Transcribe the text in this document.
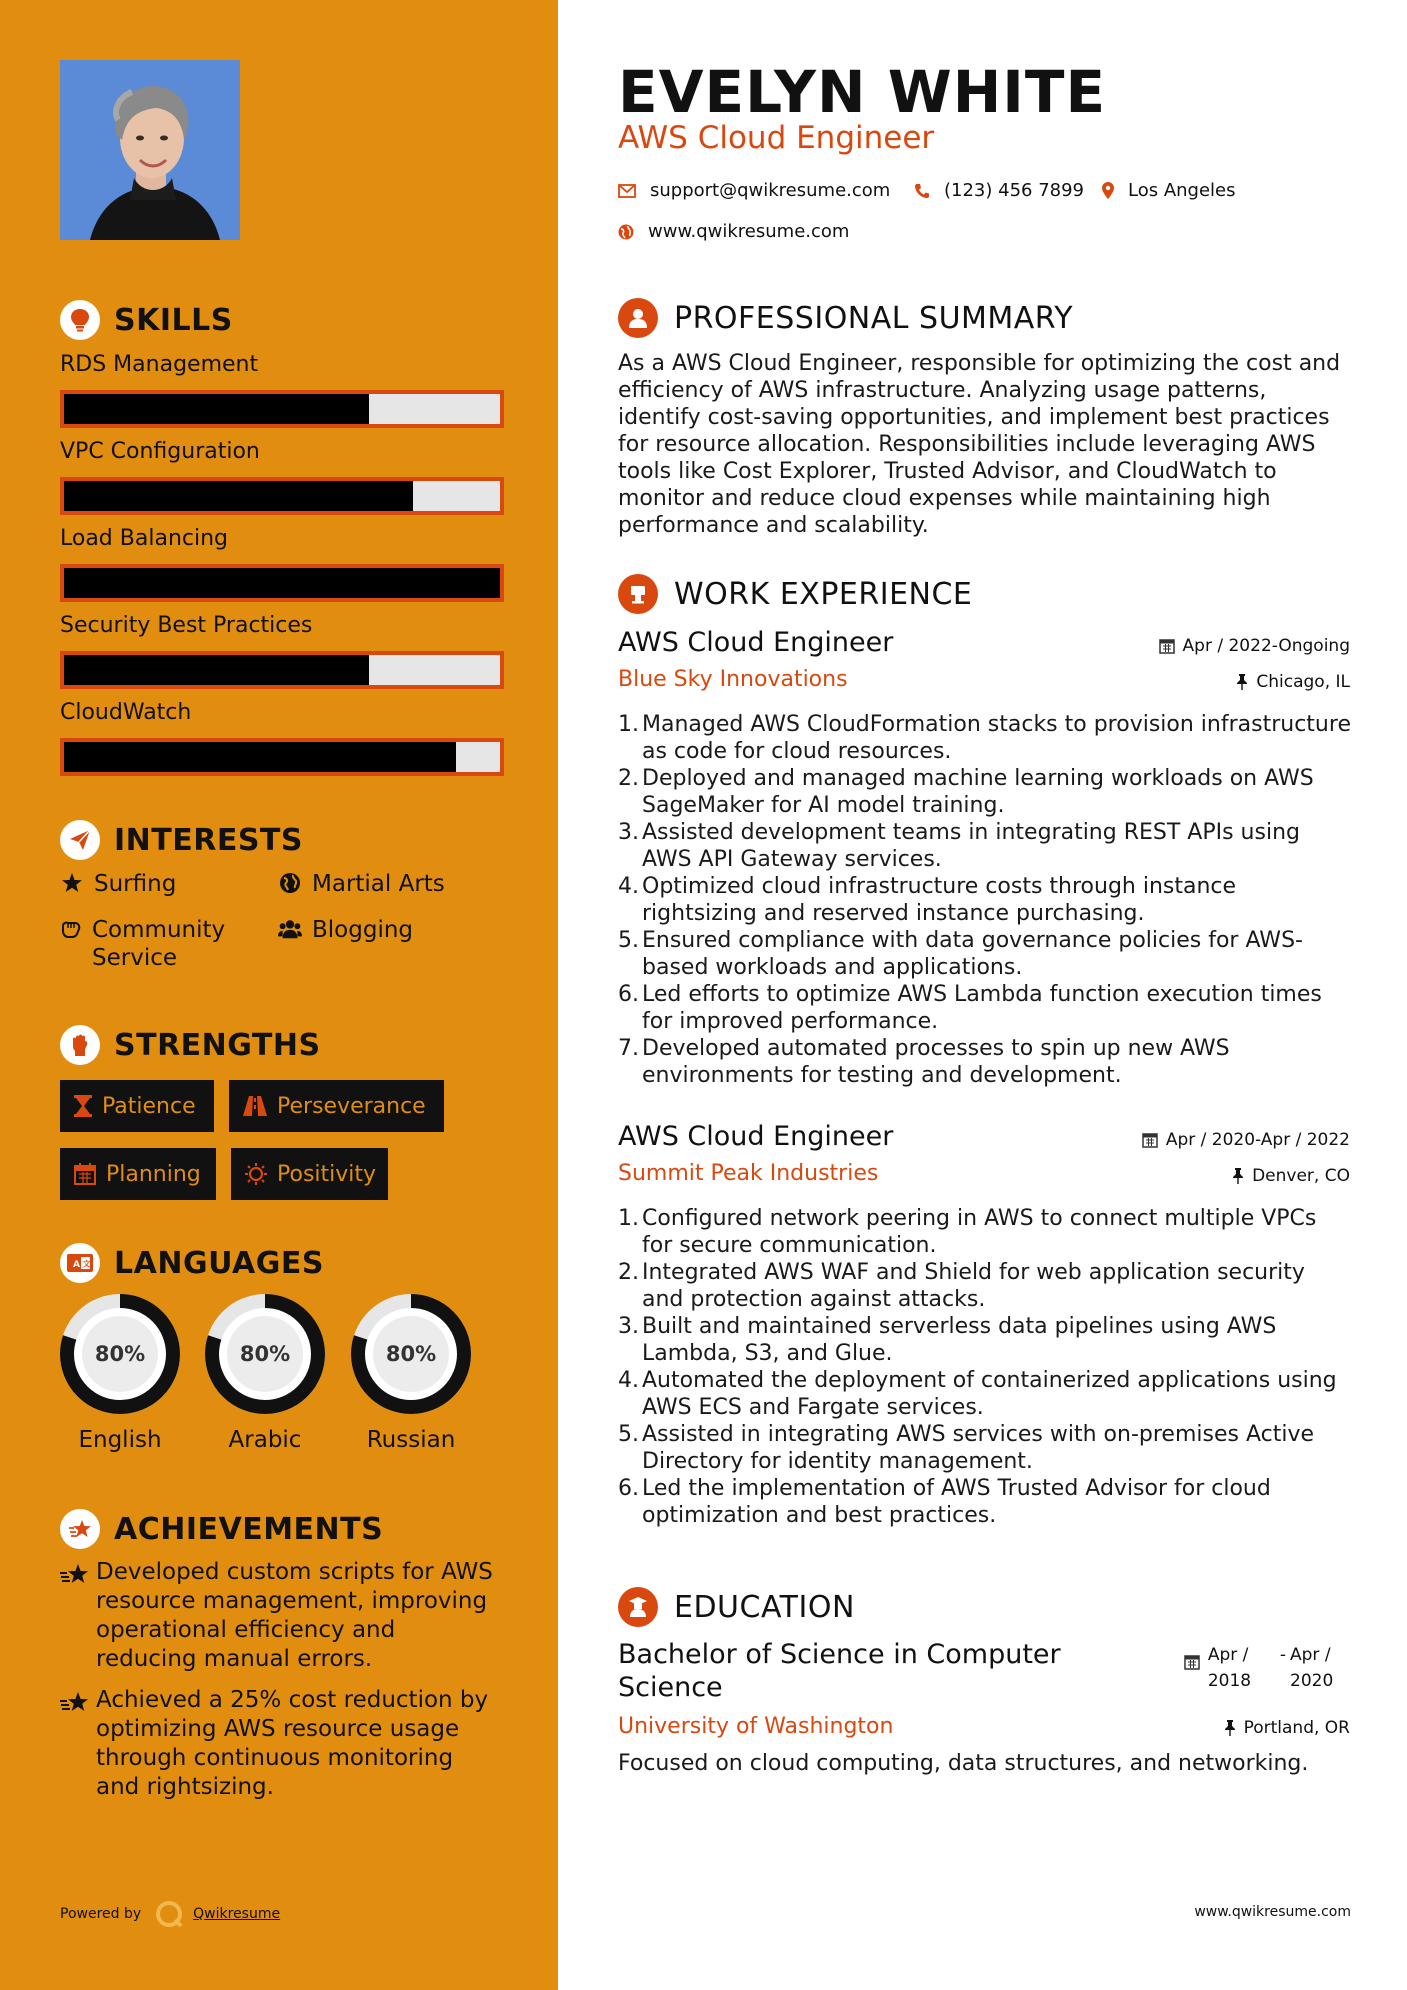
SKILLS
RDS Management
VPC Configuration
Load Balancing
Security Best Practices
CloudWatch
INTERESTS
Surfing	Martial Arts
Community Service
Blogging
STRENGTHS
Patience	Perseverance
Planning	Positivity
A 文 LANGUAGES
80%
English
80%
Arabic
80%
Russian
ACHIEVEMENTS
Developed custom scripts for AWS resource management, improving operational efficiency and reducing manual errors.
Achieved a 25% cost reduction by optimizing AWS resource usage through continuous monitoring and rightsizing.
Powered by	Qwikresume	www.qwikresume.com
EVELYN WHITE
AWS Cloud Engineer
support@qwikresume.com	(123) 456 7899 Los Angeles
www.qwikresume.com
PROFESSIONAL SUMMARY
As a AWS Cloud Engineer, responsible for optimizing the cost and efficiency of AWS infrastructure. Analyzing usage patterns, identify cost-saving opportunities, and implement best practices for resource allocation. Responsibilities include leveraging AWS tools like Cost Explorer, Trusted Advisor, and CloudWatch to monitor and reduce cloud expenses while maintaining high performance and scalability.
WORK EXPERIENCE
AWS Cloud Engineer	Apr / 2022-Ongoing
Blue Sky Innovations	Chicago, IL
1. Managed AWS CloudFormation stacks to provision infrastructure as code for cloud resources.
2. Deployed and managed machine learning workloads on AWS SageMaker for AI model training.
3. Assisted development teams in integrating REST APIs using AWS API Gateway services.
4. Optimized cloud infrastructure costs through instance rightsizing and reserved instance purchasing.
5. Ensured compliance with data governance policies for AWS-based workloads and applications.
6. Led efforts to optimize AWS Lambda function execution times for improved performance.
7. Developed automated processes to spin up new AWS environments for testing and development.
AWS Cloud Engineer	Apr / 2020-Apr / 2022
Summit Peak Industries	Denver, CO
1. Configured network peering in AWS to connect multiple VPCs for secure communication.
2. Integrated AWS WAF and Shield for web application security and protection against attacks.
3. Built and maintained serverless data pipelines using AWS Lambda, S3, and Glue.
4. Automated the deployment of containerized applications using AWS ECS and Fargate services.
5. Assisted in integrating AWS services with on-premises Active Directory for identity management.
6. Led the implementation of AWS Trusted Advisor for cloud optimization and best practices.
EDUCATION
Bachelor of Science in Computer Science
Apr / 2018
- Apr / 2020
University of Washington	Portland, OR
Focused on cloud computing, data structures, and networking.
